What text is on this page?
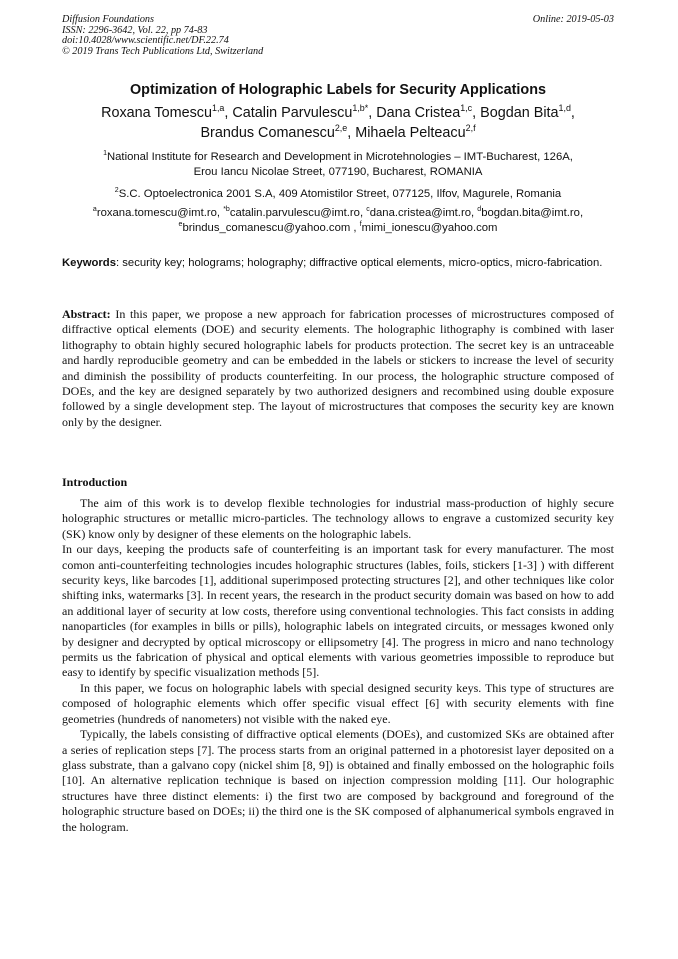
Diffusion Foundations
ISSN: 2296-3642, Vol. 22, pp 74-83
doi:10.4028/www.scientific.net/DF.22.74
© 2019 Trans Tech Publications Ltd, Switzerland
Online: 2019-05-03
Optimization of Holographic Labels for Security Applications
Roxana Tomescu$^{1,a}$, Catalin Parvulescu$^{1,b*}$, Dana Cristea$^{1,c}$, Bogdan Bita$^{1,d}$,
Brandus Comanescu$^{2,e}$, Mihaela Pelteacu$^{2,f}$
$^1$National Institute for Research and Development in Microtehnologies – IMT-Bucharest, 126A,
Erou Iancu Nicolae Street, 077190, Bucharest, ROMANIA
$^2$S.C. Optoelectronica 2001 S.A, 409 Atomistilor Street, 077125, Ilfov, Magurele, Romania
$^a$roxana.tomescu@imt.ro, $^{*b}$catalin.parvulescu@imt.ro, $^c$dana.cristea@imt.ro, $^d$bogdan.bita@imt.ro,
$^e$brindus_comanescu@yahoo.com , $^f$mimi_ionescu@yahoo.com
Keywords: security key; holograms; holography; diffractive optical elements, micro-optics, micro-fabrication.

Abstract: In this paper, we propose a new approach for fabrication processes of microstructures composed of diffractive optical elements (DOE) and security elements. The holographic lithography is combined with laser lithography to obtain highly secured holographic labels for products protection. The secret key is an untraceable and hardly reproducible geometry and can be embedded in the labels or stickers to increase the level of security and diminish the possibility of products counterfeiting. In our process, the holographic structure composed of DOEs, and the key are designed separately by two authorized designers and recombined using double exposure followed by a single development step. The layout of microstructures that composes the security key are known only by the designer.

Introduction

The aim of this work is to develop flexible technologies for industrial mass-production of highly secure holographic structures or metallic micro-particles. The technology allows to engrave a customized security key (SK) know only by designer of these elements on the holographic labels.

In our days, keeping the products safe of counterfeiting is an important task for every manufacturer. The most comon anti-counterfeiting technologies incudes holographic structures (lables, foils, stickers [1-3] ) with different security keys, like barcodes [1], additional superimposed protecting structures [2], and other techniques like color shifting inks, watermarks [3]. In recent years, the research in the product security domain was based on how to add an additional layer of security at low costs, therefore using conventional technologies. This fact consists in adding nanoparticles (for examples in bills or pills), holographic labels on integrated circuits, or messages kwoned only by designer and decrypted by optical microscopy or ellipsometry [4]. The progress in micro and nano technology permits us the fabrication of physical and optical elements with various geometries impossible to reproduce but easy to identify by specific visualization methods [5].

In this paper, we focus on holographic labels with special designed security keys. This type of structures are composed of holographic elements which offer specific visual effect [6] with security elements with fine geometries (hundreds of nanometers) not visible with the naked eye.

Typically, the labels consisting of diffractive optical elements (DOEs), and customized SKs are obtained after a series of replication steps [7]. The process starts from an original patterned in a photoresist layer deposited on a glass substrate, than a galvano copy (nickel shim [8, 9]) is obtained and finally embossed on the holographic foils [10]. An alternative replication technique is based on injection compression molding [11]. Our holographic structures have three distinct elements: i) the first two are composed by background and foreground of the holographic structure based on DOEs; ii) the third one is the SK composed of alphanumerical symbols engraved in the hologram.
